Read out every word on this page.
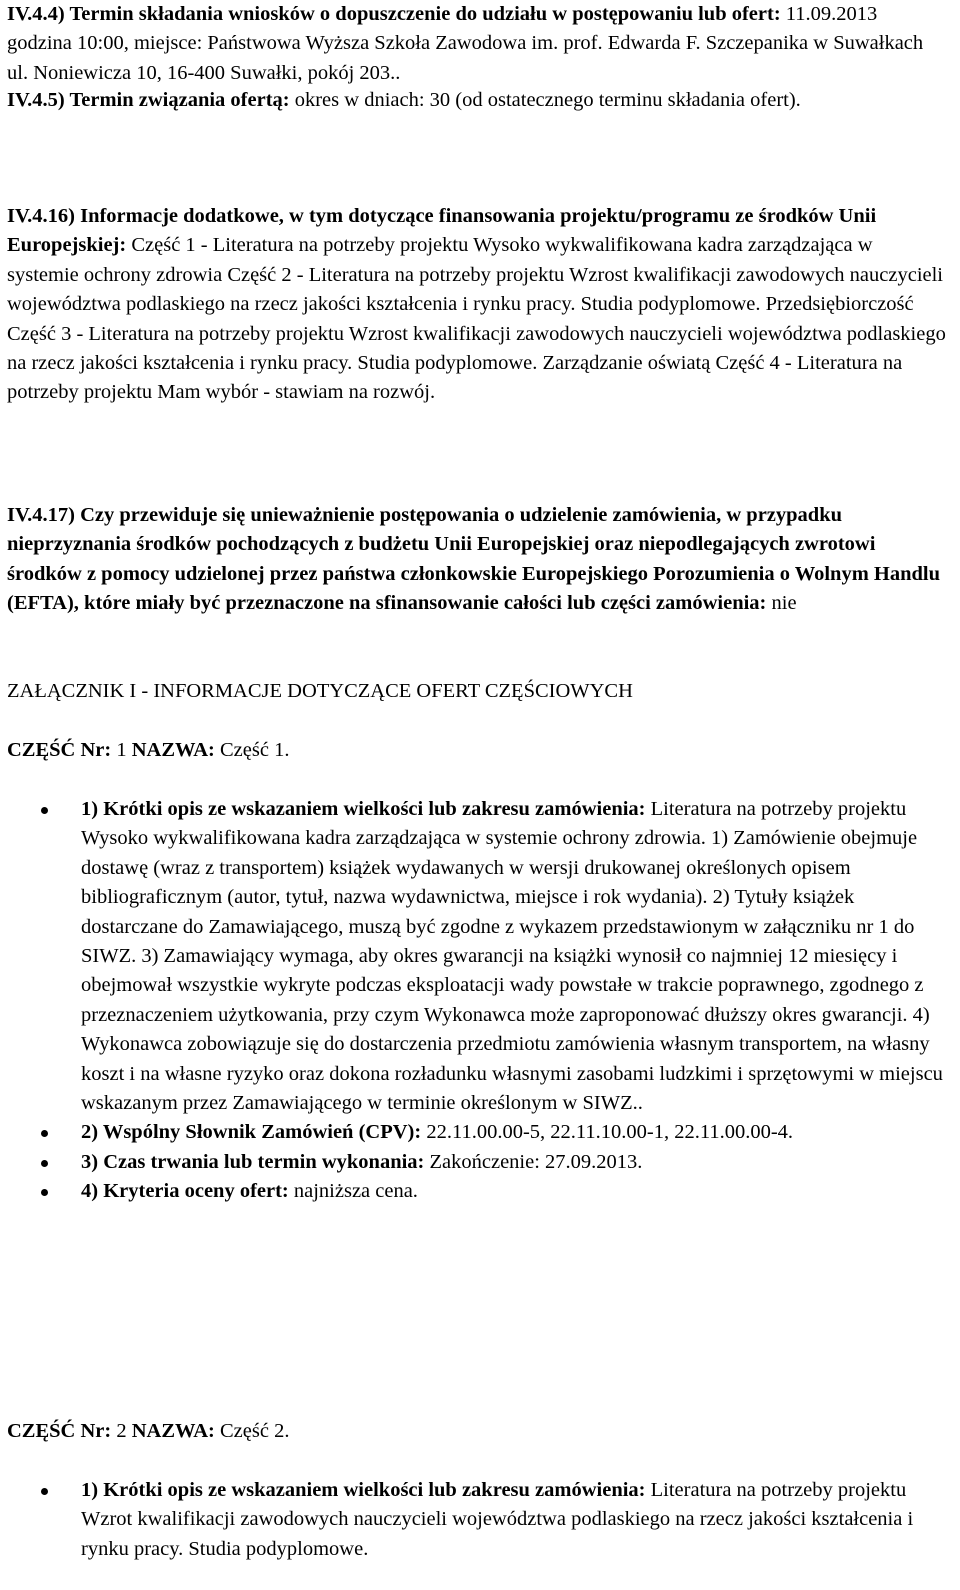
IV.4.4) Termin składania wniosków o dopuszczenie do udziału w postępowaniu lub ofert: 11.09.2013 godzina 10:00, miejsce: Państwowa Wyższa Szkoła Zawodowa im. prof. Edwarda F. Szczepanika w Suwałkach ul. Noniewicza 10, 16-400 Suwałki, pokój 203..

IV.4.5) Termin związania ofertą: okres w dniach: 30 (od ostatecznego terminu składania ofert).

IV.4.16) Informacje dodatkowe, w tym dotyczące finansowania projektu/programu ze środków Unii Europejskiej: Część 1 - Literatura na potrzeby projektu Wysoko wykwalifikowana kadra zarządzająca w systemie ochrony zdrowia Część 2 - Literatura na potrzeby projektu Wzrost kwalifikacji zawodowych nauczycieli województwa podlaskiego na rzecz jakości kształcenia i rynku pracy. Studia podyplomowe. Przedsiębiorczość Część 3 - Literatura na potrzeby projektu Wzrost kwalifikacji zawodowych nauczycieli województwa podlaskiego na rzecz jakości kształcenia i rynku pracy. Studia podyplomowe. Zarządzanie oświatą Część 4 - Literatura na potrzeby projektu Mam wybór - stawiam na rozwój.

IV.4.17) Czy przewiduje się unieważnienie postępowania o udzielenie zamówienia, w przypadku nieprzyznania środków pochodzących z budżetu Unii Europejskiej oraz niepodlegających zwrotowi środków z pomocy udzielonej przez państwa członkowskie Europejskiego Porozumienia o Wolnym Handlu (EFTA), które miały być przeznaczone na sfinansowanie całości lub części zamówienia: nie

ZAŁĄCZNIK I - INFORMACJE DOTYCZĄCE OFERT CZĘŚCIOWYCH

CZĘŚĆ Nr: 1 NAZWA: Część 1.

1) Krótki opis ze wskazaniem wielkości lub zakresu zamówienia: Literatura na potrzeby projektu Wysoko wykwalifikowana kadra zarządzająca w systemie ochrony zdrowia. 1) Zamówienie obejmuje dostawę (wraz z transportem) książek wydawanych w wersji drukowanej określonych opisem bibliograficznym (autor, tytuł, nazwa wydawnictwa, miejsce i rok wydania). 2) Tytuły książek dostarczane do Zamawiającego, muszą być zgodne z wykazem przedstawionym w załączniku nr 1 do SIWZ. 3) Zamawiający wymaga, aby okres gwarancji na książki wynosił co najmniej 12 miesięcy i obejmował wszystkie wykryte podczas eksploatacji wady powstałe w trakcie poprawnego, zgodnego z przeznaczeniem użytkowania, przy czym Wykonawca może zaproponować dłuższy okres gwarancji. 4) Wykonawca zobowiązuje się do dostarczenia przedmiotu zamówienia własnym transportem, na własny koszt i na własne ryzyko oraz dokona rozładunku własnymi zasobami ludzkimi i sprzętowymi w miejscu wskazanym przez Zamawiającego w terminie określonym w SIWZ..
2) Wspólny Słownik Zamówień (CPV): 22.11.00.00-5, 22.11.10.00-1, 22.11.00.00-4.
3) Czas trwania lub termin wykonania: Zakończenie: 27.09.2013.
4) Kryteria oceny ofert: najniższa cena.

CZĘŚĆ Nr: 2 NAZWA: Część 2.

1) Krótki opis ze wskazaniem wielkości lub zakresu zamówienia: Literatura na potrzeby projektu Wzrot kwalifikacji zawodowych nauczycieli województwa podlaskiego na rzecz jakości kształcenia i rynku pracy. Studia podyplomowe.
